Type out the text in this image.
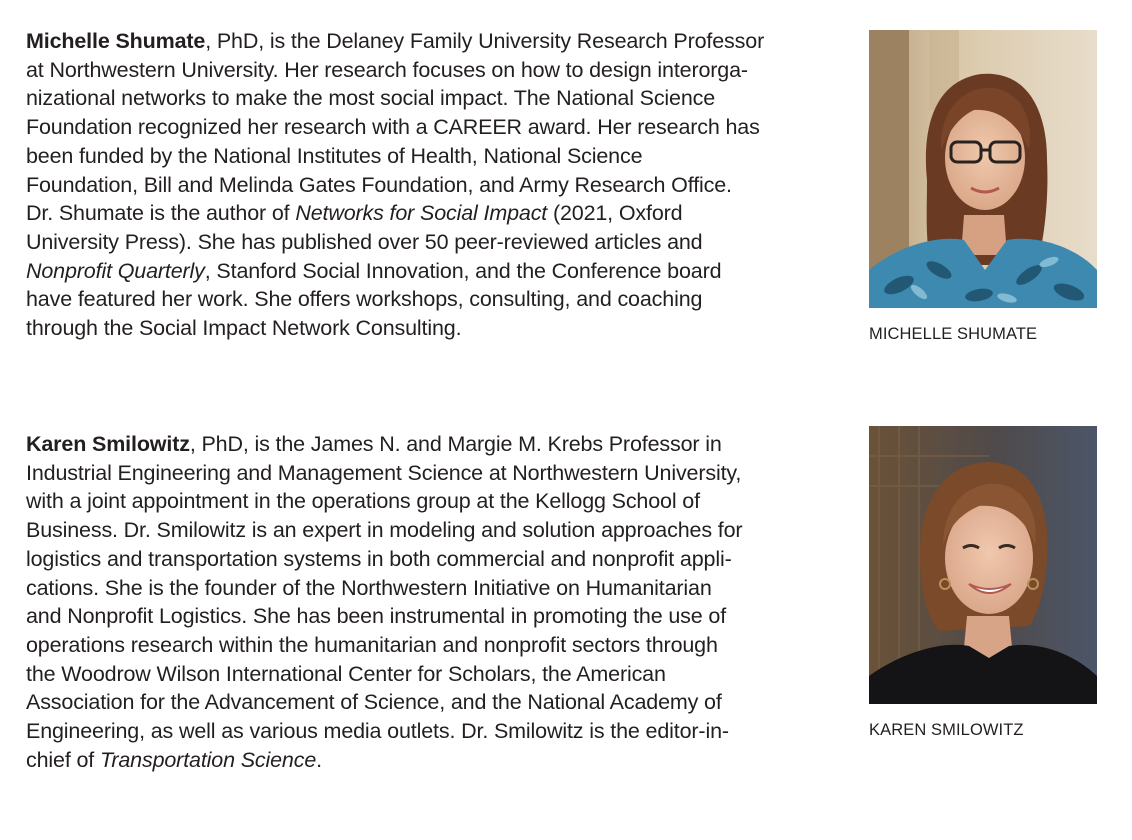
Michelle Shumate, PhD, is the Delaney Family University Research Professor
at Northwestern University. Her research focuses on how to design interorga-
nizational networks to make the most social impact. The National Science
Foundation recognized her research with a CAREER award. Her research has
been funded by the National Institutes of Health, National Science
Foundation, Bill and Melinda Gates Foundation, and Army Research Office.
Dr. Shumate is the author of Networks for Social Impact (2021, Oxford
University Press). She has published over 50 peer-reviewed articles and
Nonprofit Quarterly, Stanford Social Innovation, and the Conference board
have featured her work. She offers workshops, consulting, and coaching
through the Social Impact Network Consulting.	MICHELLE SHUMATE

Karen Smilowitz, PhD, is the James N. and Margie M. Krebs Professor in
Industrial Engineering and Management Science at Northwestern University,
with a joint appointment in the operations group at the Kellogg School of
Business. Dr. Smilowitz is an expert in modeling and solution approaches for
logistics and transportation systems in both commercial and nonprofit appli-
cations. She is the founder of the Northwestern Initiative on Humanitarian
and Nonprofit Logistics. She has been instrumental in promoting the use of
operations research within the humanitarian and nonprofit sectors through
the Woodrow Wilson International Center for Scholars, the American
Association for the Advancement of Science, and the National Academy of
Engineering, as well as various media outlets. Dr. Smilowitz is the editor-in-
chief of Transportation Science.

KAREN SMILOWITZ
